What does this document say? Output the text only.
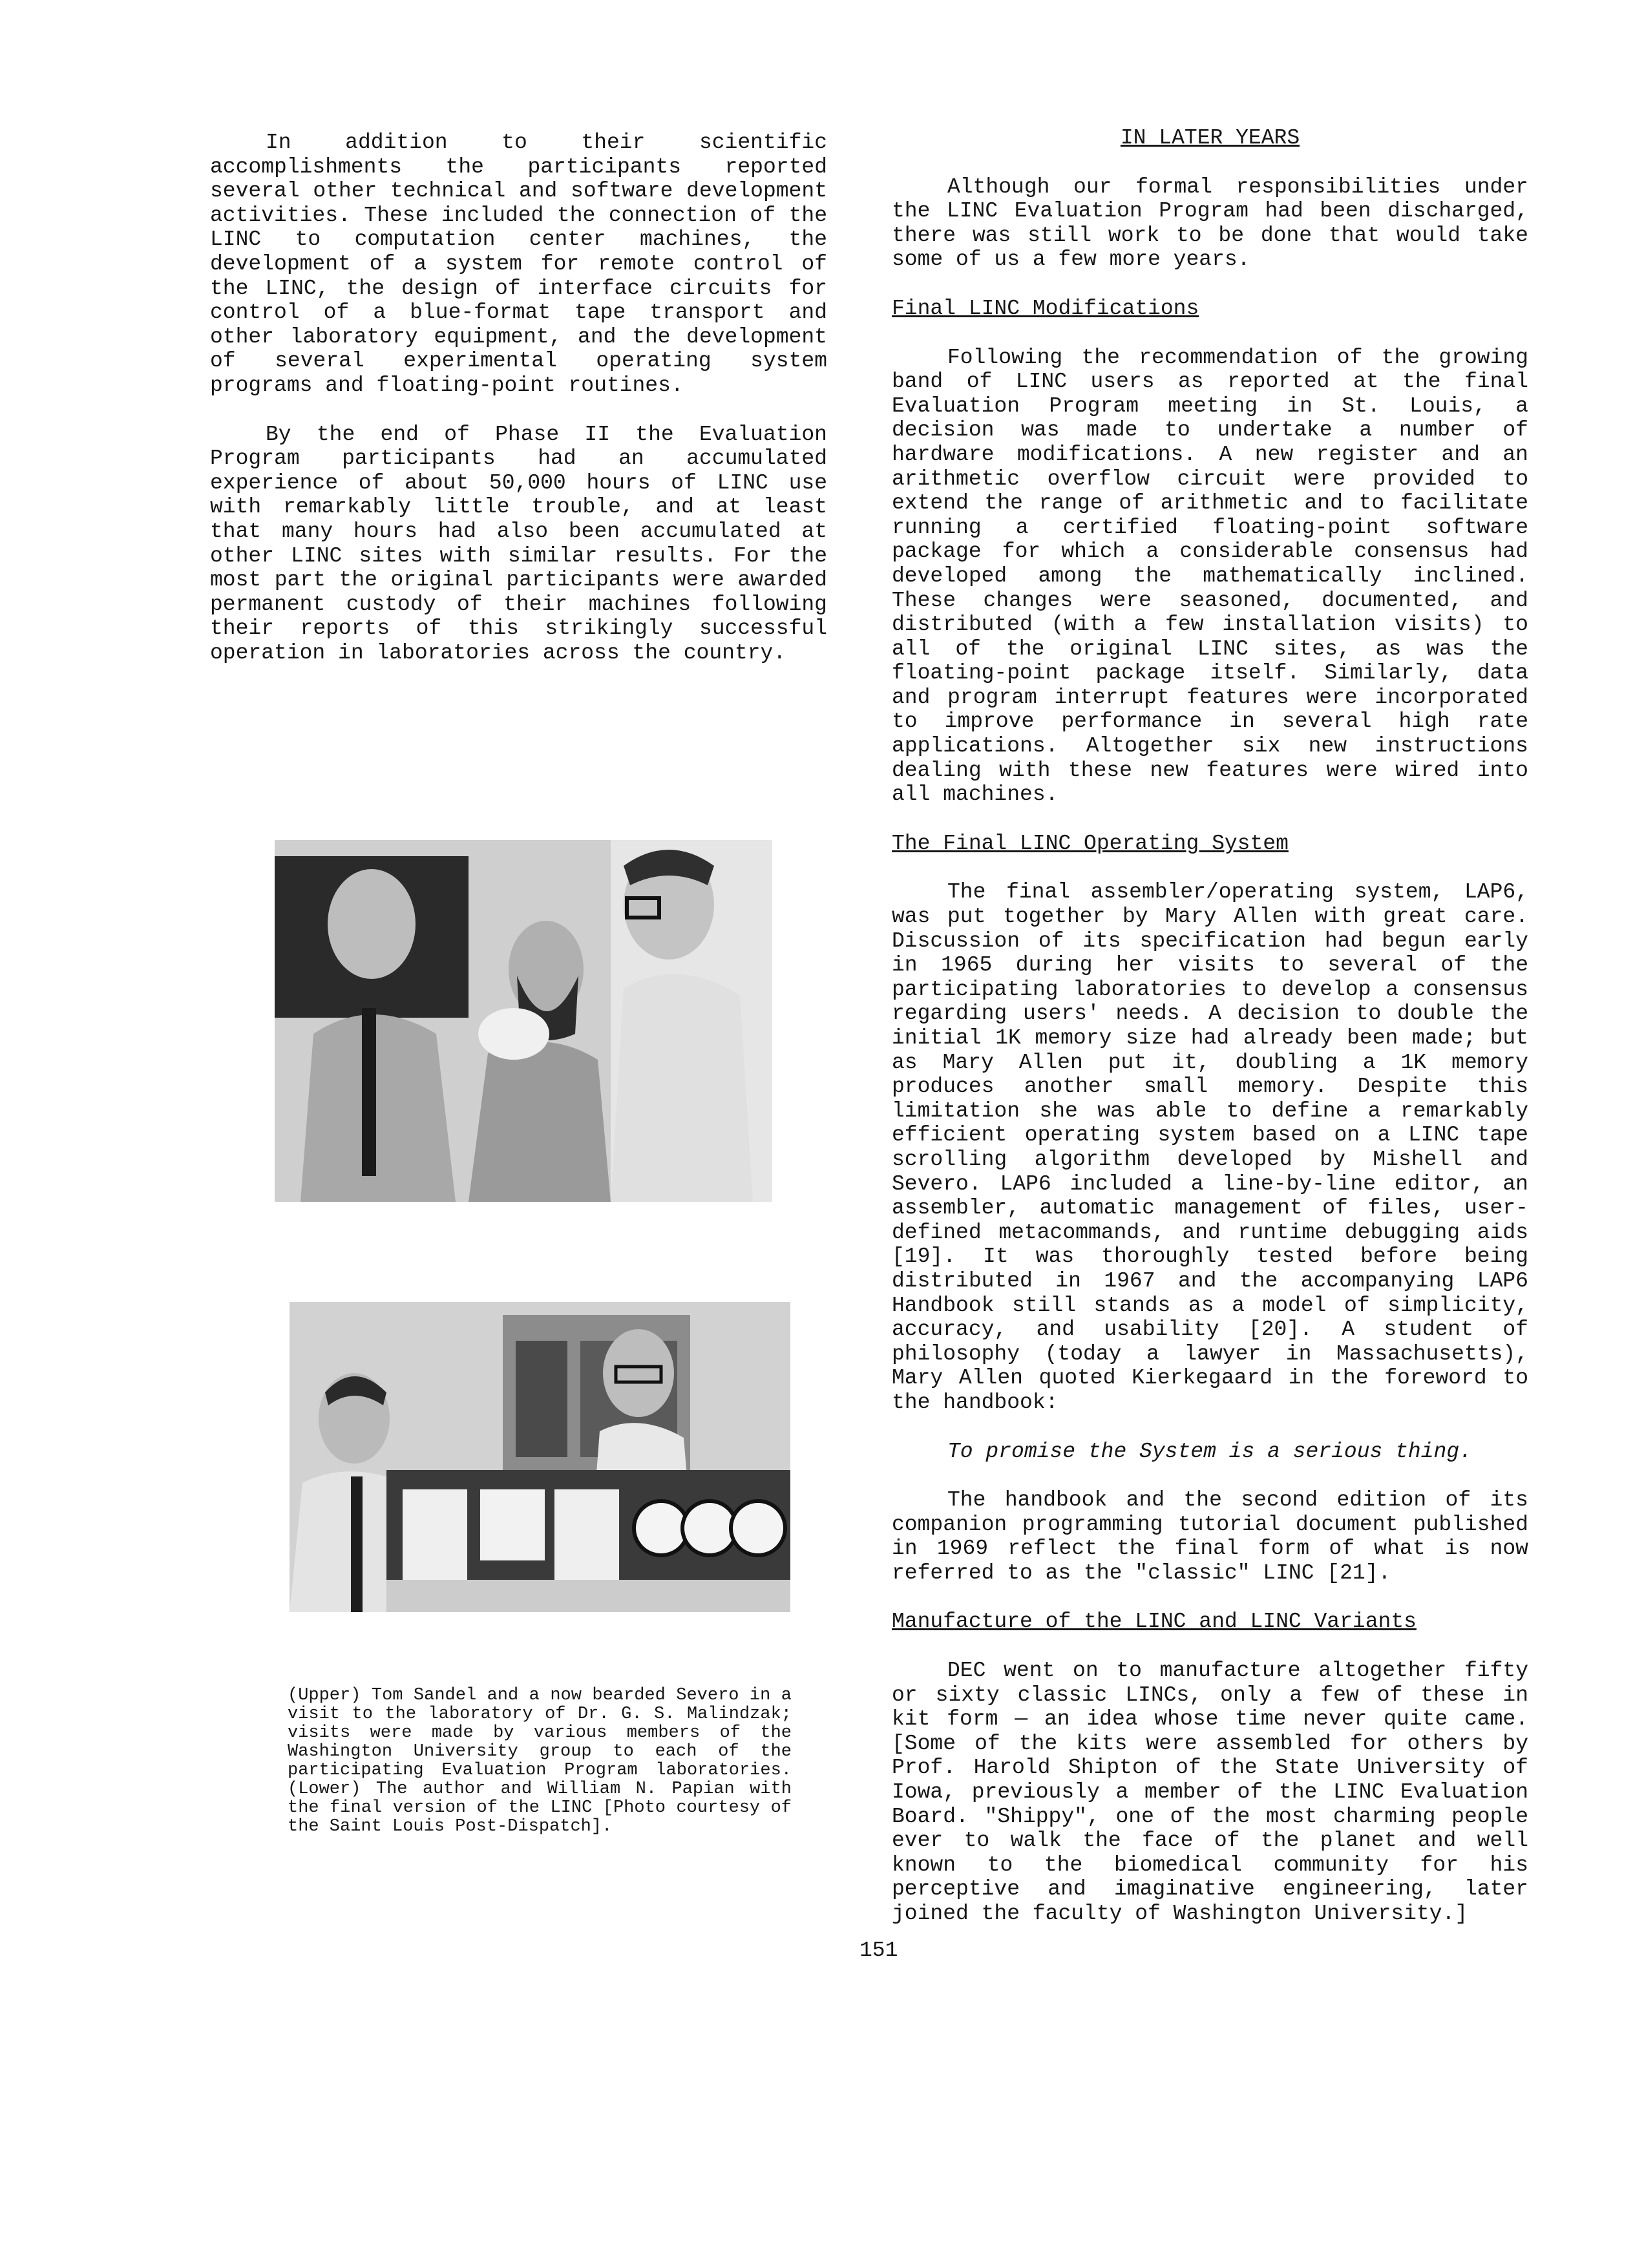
In addition to their scientific accomplishments the participants reported several other technical and software development activities. These included the connection of the LINC to computation center machines, the development of a system for remote control of the LINC, the design of interface circuits for control of a blue-format tape transport and other laboratory equipment, and the development of several experimental operating system programs and floating-point routines.

By the end of Phase II the Evaluation Program participants had an accumulated experience of about 50,000 hours of LINC use with remarkably little trouble, and at least that many hours had also been accumulated at other LINC sites with similar results. For the most part the original participants were awarded permanent custody of their machines following their reports of this strikingly successful operation in laboratories across the country.

(Upper) Tom Sandel and a now bearded Severo in a visit to the laboratory of Dr. G. S. Malindzak; visits were made by various members of the Washington University group to each of the participating Evaluation Program laboratories. (Lower) The author and William N. Papian with the final version of the LINC [Photo courtesy of the Saint Louis Post-Dispatch].

IN LATER YEARS

Although our formal responsibilities under the LINC Evaluation Program had been discharged, there was still work to be done that would take some of us a few more years.

Final LINC Modifications

Following the recommendation of the growing band of LINC users as reported at the final Evaluation Program meeting in St. Louis, a decision was made to undertake a number of hardware modifications. A new register and an arithmetic overflow circuit were provided to extend the range of arithmetic and to facilitate running a certified floating-point software package for which a considerable consensus had developed among the mathematically inclined. These changes were seasoned, documented, and distributed (with a few installation visits) to all of the original LINC sites, as was the floating-point package itself. Similarly, data and program interrupt features were incorporated to improve performance in several high rate applications. Altogether six new instructions dealing with these new features were wired into all machines.

The Final LINC Operating System

The final assembler/operating system, LAP6, was put together by Mary Allen with great care. Discussion of its specification had begun early in 1965 during her visits to several of the participating laboratories to develop a consensus regarding users' needs. A decision to double the initial 1K memory size had already been made; but as Mary Allen put it, doubling a 1K memory produces another small memory. Despite this limitation she was able to define a remarkably efficient operating system based on a LINC tape scrolling algorithm developed by Mishell and Severo. LAP6 included a line-by-line editor, an assembler, automatic management of files, user-defined metacommands, and runtime debugging aids [19]. It was thoroughly tested before being distributed in 1967 and the accompanying LAP6 Handbook still stands as a model of simplicity, accuracy, and usability [20]. A student of philosophy (today a lawyer in Massachusetts), Mary Allen quoted Kierkegaard in the foreword to the handbook:

To promise the System is a serious thing.

The handbook and the second edition of its companion programming tutorial document published in 1969 reflect the final form of what is now referred to as the "classic" LINC [21].

Manufacture of the LINC and LINC Variants

DEC went on to manufacture altogether fifty or sixty classic LINCs, only a few of these in kit form — an idea whose time never quite came. [Some of the kits were assembled for others by Prof. Harold Shipton of the State University of Iowa, previously a member of the LINC Evaluation Board. "Shippy", one of the most charming people ever to walk the face of the planet and well known to the biomedical community for his perceptive and imaginative engineering, later joined the faculty of Washington University.]

151
